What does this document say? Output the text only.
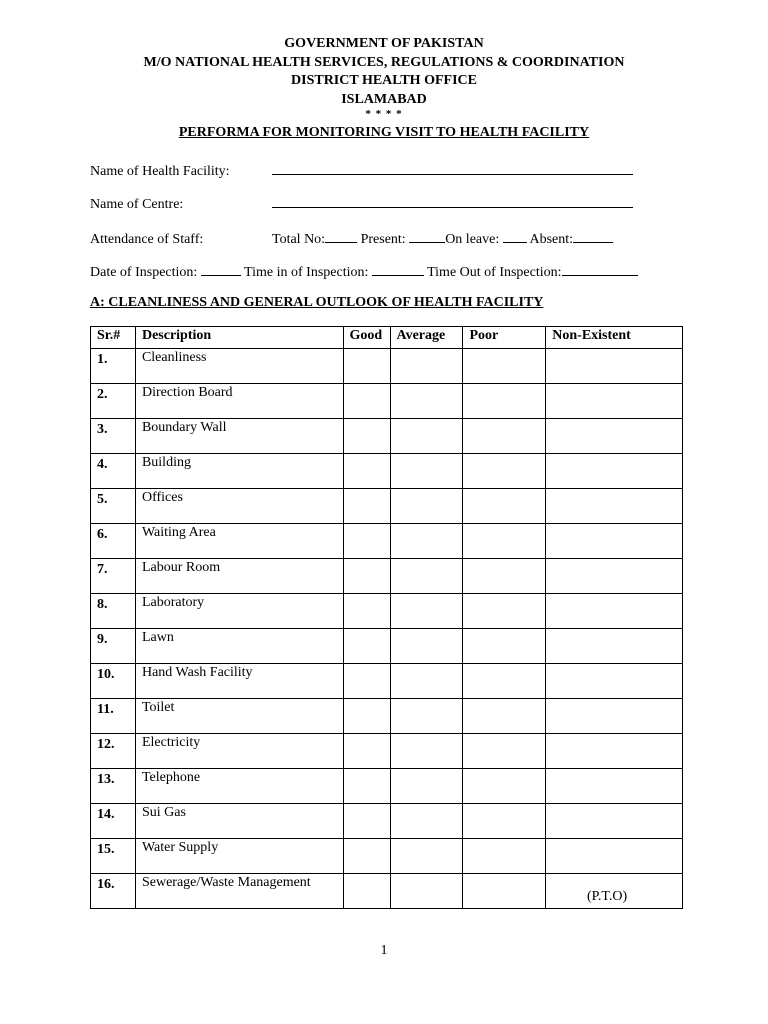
GOVERNMENT OF PAKISTAN
M/O NATIONAL HEALTH SERVICES, REGULATIONS & COORDINATION
DISTRICT HEALTH OFFICE
ISLAMABAD
* * * *
PERFORMA FOR MONITORING VISIT TO HEALTH FACILITY
Name of Health Facility:
Name of Centre:
Attendance of Staff:	Total No:	Present:	On leave: Absent:
Date of Inspection:	Time in of Inspection:	Time Out of Inspection:
A: CLEANLINESS AND GENERAL OUTLOOK OF HEALTH FACILITY
Sr.#	Description	Good	Average	Poor	Non-Existent
1.	Cleanliness				
2.	Direction Board				
3.	Boundary Wall				
4.	Building				
5.	Offices				
6.	Waiting Area				
7.	Labour Room				
8.	Laboratory				
9.	Lawn				
10.	Hand Wash Facility				
11.	Toilet				
12.	Electricity				
13.	Telephone				
14.	Sui Gas				
15.	Water Supply				
16.	Sewerage/Waste Management				
(P.T.O)
1
